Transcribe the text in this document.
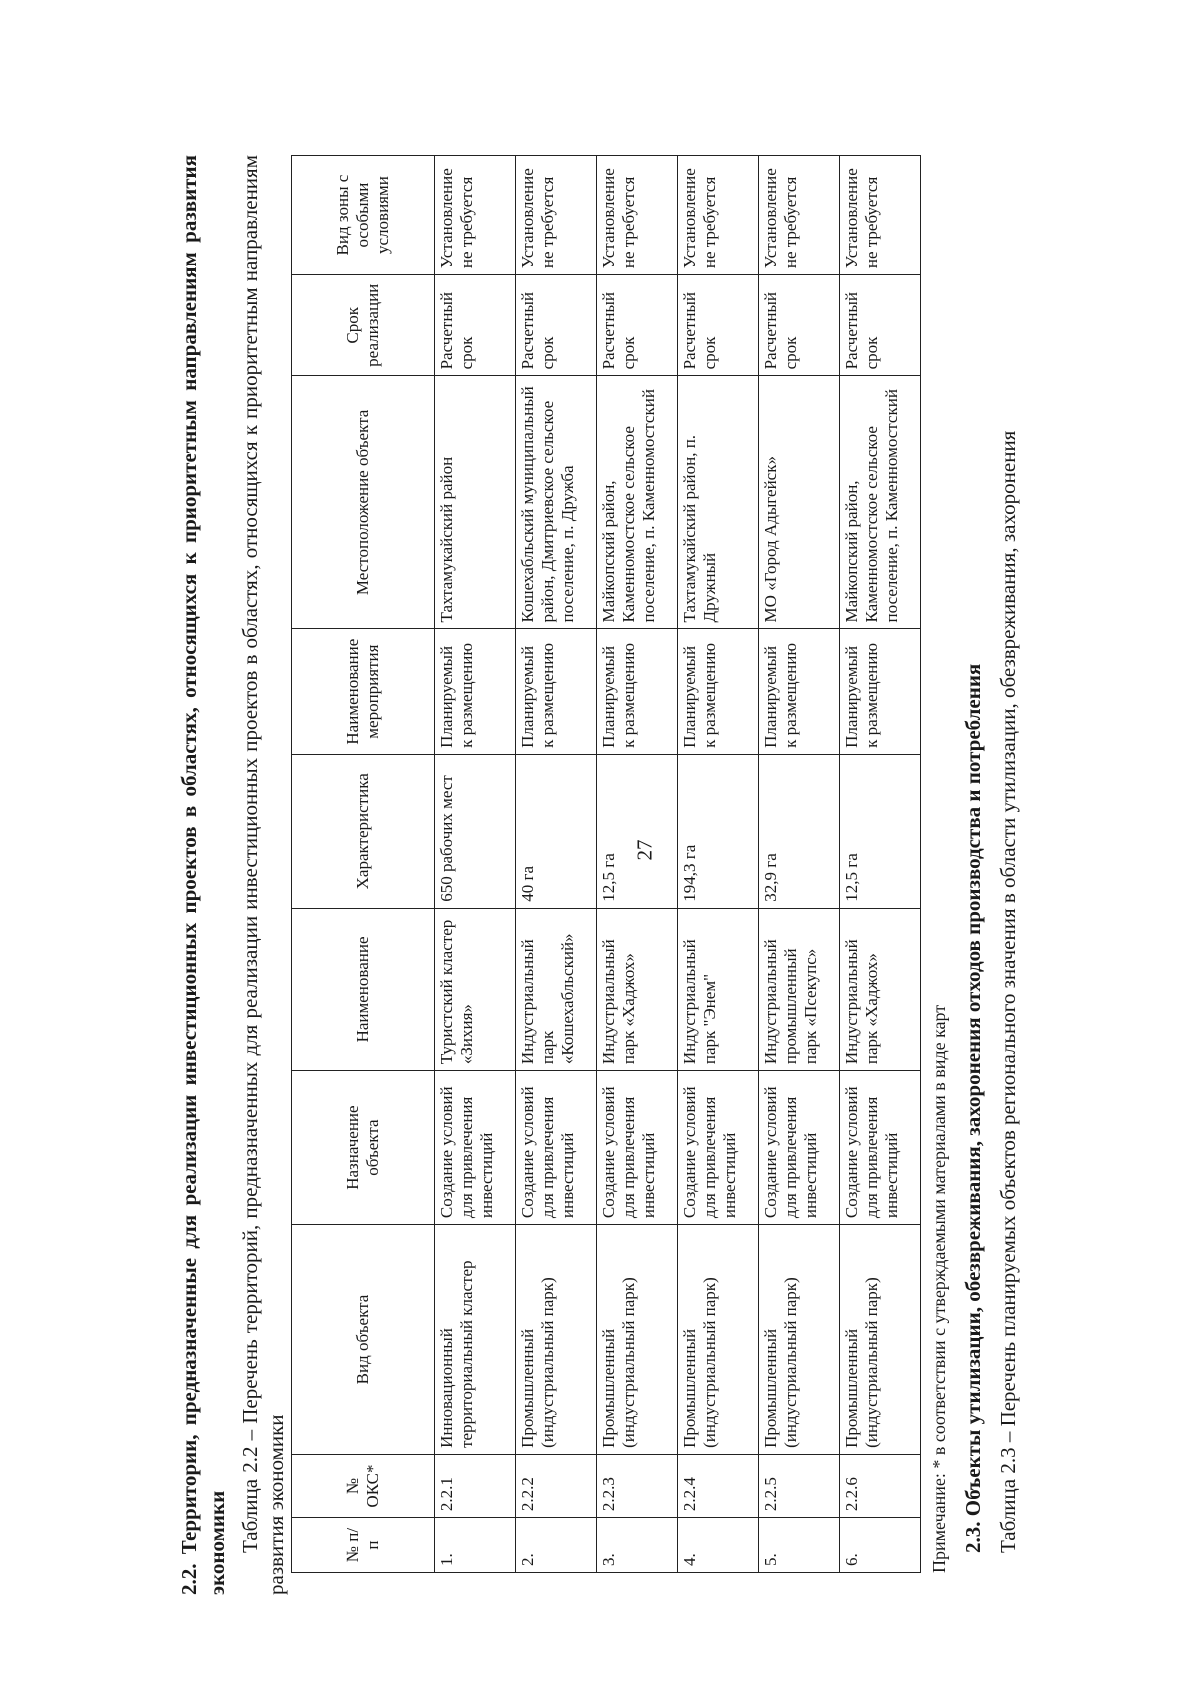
27
2.2. Территории, предназначенные для реализации инвестиционных проектов в областях, относящихся к приоритетным направлениям развития экономики Таблица 2.2 – Перечень территорий, предназначенных для реализации инвестиционных проектов в областях, относящихся к приоритетным направлениям развития экономики	№ п/п	№ ОКС*	Вид объекта	Назначение объекта	Наименование	Характеристика	Наименование мероприятия	Местоположение объекта	Срок реализации	Вид зоны с особыми условиями
1.	2.2.1	Инновационный территориальный кластер	Создание условий для привлечения инвестиций	Туристский кластер «Зихия»	650 рабочих мест	Планируемый к размещению	Тахтамукайский район	Расчетный срок	Установление не требуется
2.	2.2.2	Промышленный (индустриальный парк)	Создание условий для привлечения инвестиций	Индустриальный парк «Кошехабльский»	40 га	Планируемый к размещению	Кошехабльский муниципальный район, Дмитриевское сельское поселение, п. Дружба	Расчетный срок	Установление не требуется
3.	2.2.3	Промышленный (индустриальный парк)	Создание условий для привлечения инвестиций	Индустриальный парк «Хаджох»	12,5 га	Планируемый к размещению	Майкопский район, Каменномостское сельское поселение, п. Каменномостский	Расчетный срок	Установление не требуется
4.	2.2.4	Промышленный (индустриальный парк)	Создание условий для привлечения инвестиций	Индустриальный парк "Энем"	194,3 га	Планируемый к размещению	Тахтамукайский район, п. Дружный	Расчетный срок	Установление не требуется
5.	2.2.5	Промышленный (индустриальный парк)	Создание условий для привлечения инвестиций	Индустриальный промышленный парк «Псекупс»	32,9 га	Планируемый к размещению	МО «Город Адыгейск»	Расчетный срок	Установление не требуется
6.	2.2.6	Промышленный (индустриальный парк)	Создание условий для привлечения инвестиций	Индустриальный парк «Хаджох»	12,5 га	Планируемый к размещению	Майкопский район, Каменномостское сельское поселение, п. Каменномостский	Расчетный срок	Установление не требуется
Примечание: * в соответствии с утверждаемыми материалами в виде карт 2.3. Объекты утилизации, обезвреживания, захоронения отходов производства и потребления Таблица 2.3 – Перечень планируемых объектов регионального значения в области утилизации, обезвреживания, захоронения
